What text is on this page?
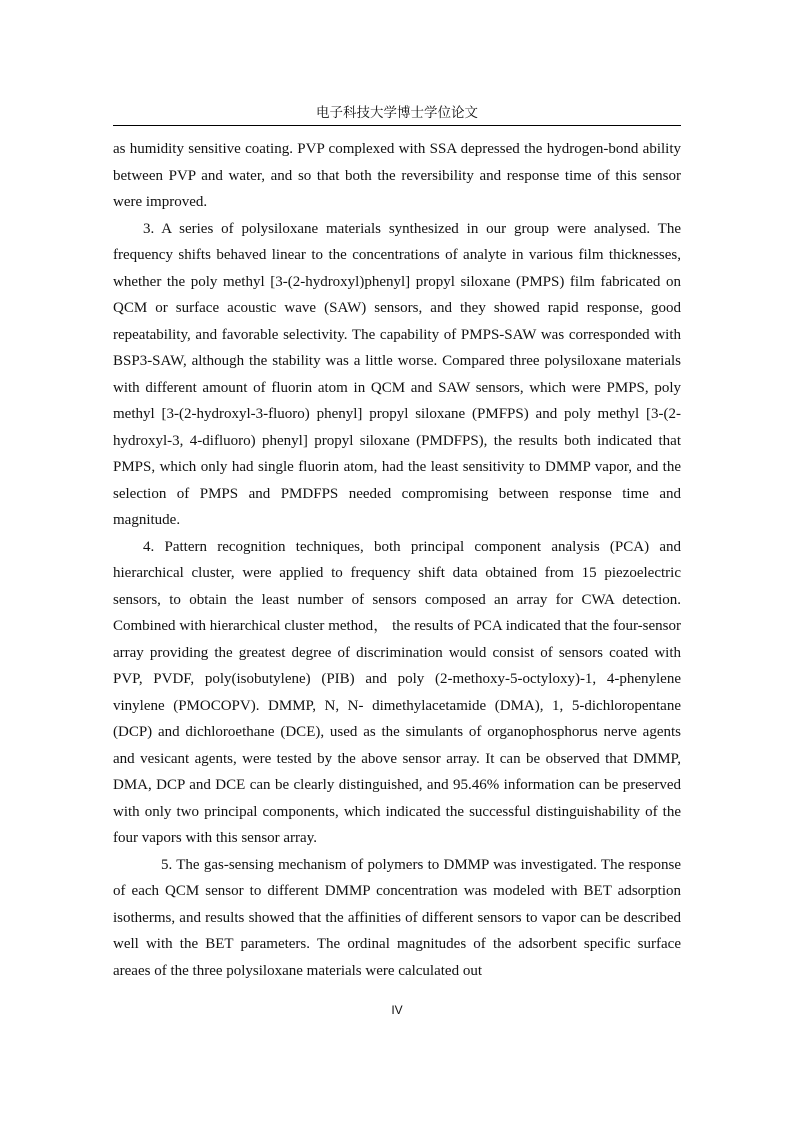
电子科技大学博士学位论文

as humidity sensitive coating. PVP complexed with SSA depressed the hydrogen-bond ability between PVP and water, and so that both the reversibility and response time of this sensor were improved.

3. A series of polysiloxane materials synthesized in our group were analysed. The frequency shifts behaved linear to the concentrations of analyte in various film thicknesses, whether the poly methyl [3-(2-hydroxyl)phenyl] propyl siloxane (PMPS) film fabricated on QCM or surface acoustic wave (SAW) sensors, and they showed rapid response, good repeatability, and favorable selectivity. The capability of PMPS-SAW was corresponded with BSP3-SAW, although the stability was a little worse. Compared three polysiloxane materials with different amount of fluorin atom in QCM and SAW sensors, which were PMPS, poly methyl [3-(2-hydroxyl-3-fluoro) phenyl] propyl siloxane (PMFPS) and poly methyl [3-(2-hydroxyl-3, 4-difluoro) phenyl] propyl siloxane (PMDFPS), the results both indicated that PMPS, which only had single fluorin atom, had the least sensitivity to DMMP vapor, and the selection of PMPS and PMDFPS needed compromising between response time and magnitude.

4. Pattern recognition techniques, both principal component analysis (PCA) and hierarchical cluster, were applied to frequency shift data obtained from 15 piezoelectric sensors, to obtain the least number of sensors composed an array for CWA detection. Combined with hierarchical cluster method， the results of PCA indicated that the four-sensor array providing the greatest degree of discrimination would consist of sensors coated with PVP, PVDF, poly(isobutylene) (PIB) and poly (2-methoxy-5-octyloxy)-1, 4-phenylene vinylene (PMOCOPV). DMMP, N, N- dimethylacetamide (DMA), 1, 5-dichloropentane (DCP) and dichloroethane (DCE), used as the simulants of organophosphorus nerve agents and vesicant agents, were tested by the above sensor array. It can be observed that DMMP, DMA, DCP and DCE can be clearly distinguished, and 95.46% information can be preserved with only two principal components, which indicated the successful distinguishability of the four vapors with this sensor array.

5. The gas-sensing mechanism of polymers to DMMP was investigated. The response of each QCM sensor to different DMMP concentration was modeled with BET adsorption isotherms, and results showed that the affinities of different sensors to vapor can be described well with the BET parameters. The ordinal magnitudes of the adsorbent specific surface areaes of the three polysiloxane materials were calculated out

IV
